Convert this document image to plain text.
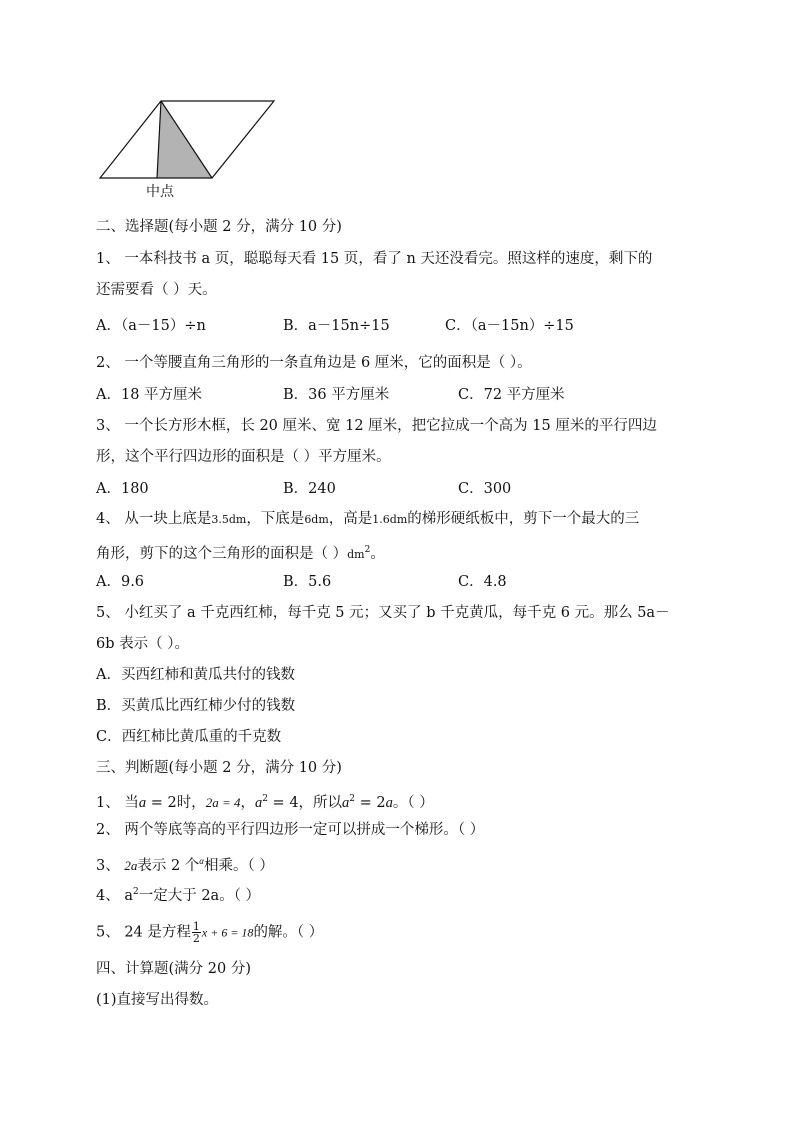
中点
二、选择题(每小题 2 分，满分 10 分)
1、 一本科技书 a 页，聪聪每天看 15 页，看了 n 天还没看完。照这样的速度，剩下的
还需要看（ ）天。
A．（a－15）÷n	B．a－15n÷15	C．（a－15n）÷15
2、 一个等腰直角三角形的一条直角边是 6 厘米，它的面积是（ ）。
A．18 平方厘米	B．36 平方厘米	C．72 平方厘米
3、 一个长方形木框，长 20 厘米、宽 12 厘米，把它拉成一个高为 15 厘米的平行四边
形，这个平行四边形的面积是（ ）平方厘米。
A．180	B．240	C．300
4、 从一块上底是3.5dm，下底是6dm，高是1.6dm的梯形硬纸板中，剪下一个最大的三
角形，剪下的这个三角形的面积是（ ）$dm^2$。
A．9.6	B．5.6	C．4.8
5、 小红买了 a 千克西红柿，每千克 5 元；又买了 b 千克黄瓜，每千克 6 元。那么 5a－
6b 表示（ ）。
A．买西红柿和黄瓜共付的钱数
B．买黄瓜比西红柿少付的钱数
C．西红柿比黄瓜重的千克数
三、判断题(每小题 2 分，满分 10 分)
1、 当a = 2时，2a = 4，$a^2 = 4$，所以$a^2 = 2a$。（ ）
2、 两个等底等高的平行四边形一定可以拼成一个梯形。（ ）
3、 2a表示 2 个$^\alpha$相乘。（ ）
4、 $a^2$一定大于 2a。（ ）
5、 24 是方程 $\frac{1}{2}$ x + 6 = 18的解。（ ）
四、计算题(满分 20 分)
(1)直接写出得数。
